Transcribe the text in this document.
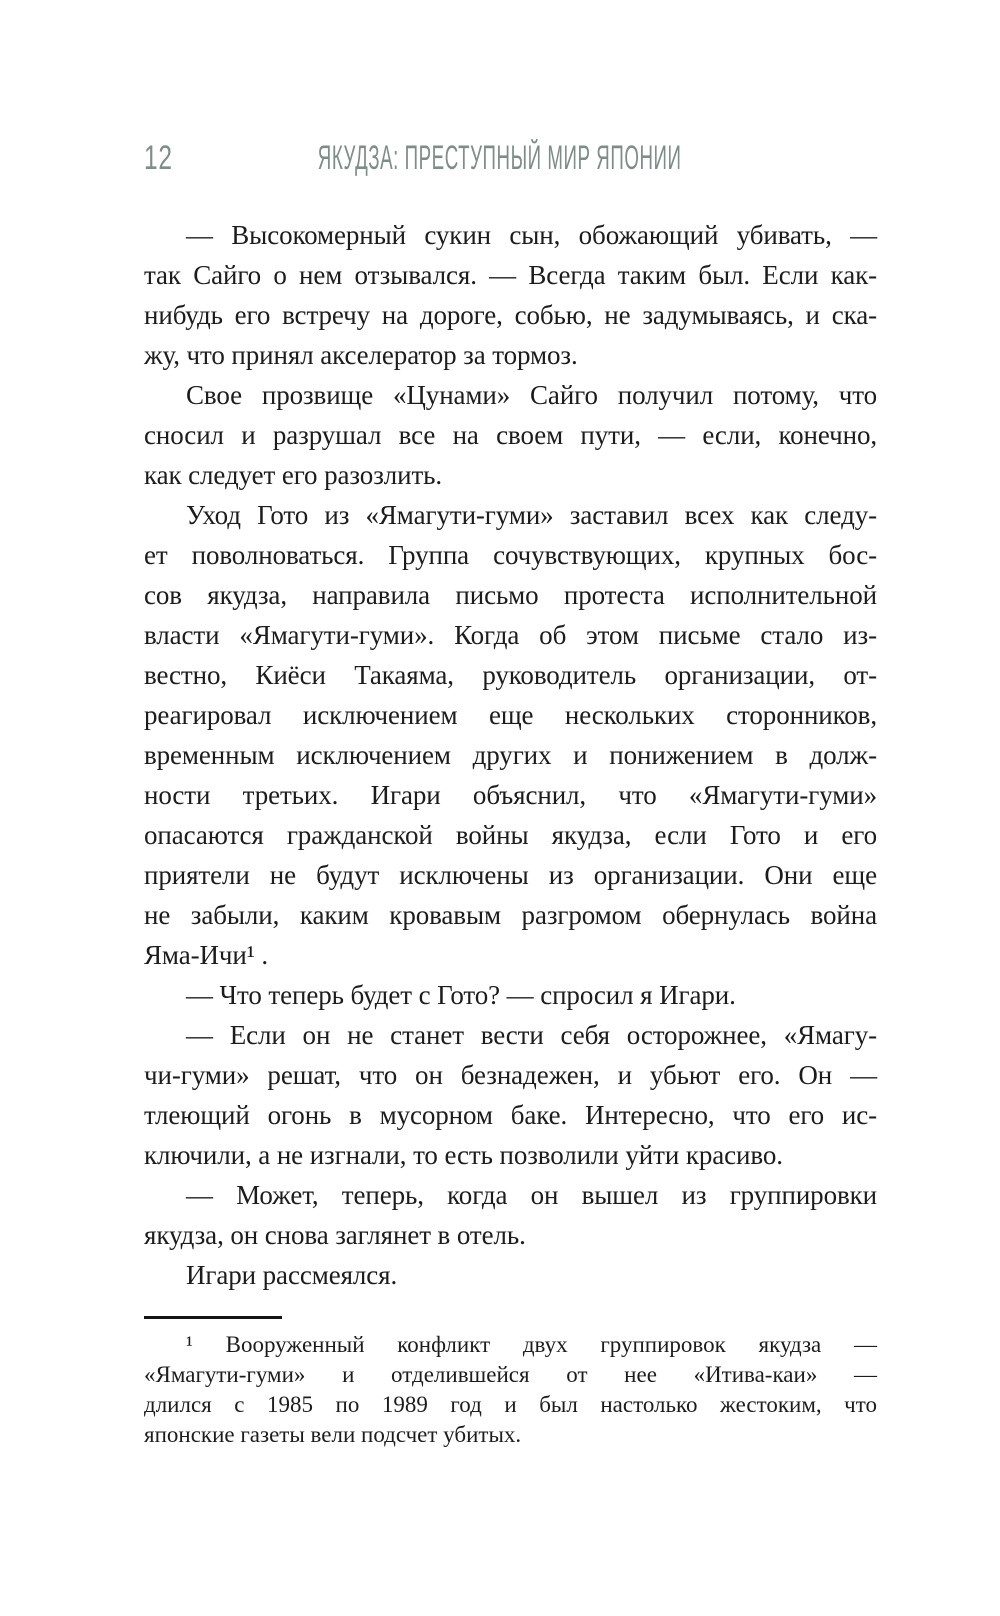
12	ЯКУДЗА: ПРЕСТУПНЫЙ МИР ЯПОНИИ
— Высокомерный сукин сын, обожающий убивать, —
так Сайго о нем отзывался. — Всегда таким был. Если как-
нибудь его встречу на дороге, собью, не задумываясь, и ска-
жу, что принял акселератор за тормоз.
Свое прозвище «Цунами» Сайго получил потому, что
сносил и разрушал все на своем пути, — если, конечно,
как следует его разозлить.
Уход Гото из «Ямагути-гуми» заставил всех как следу-
ет поволноваться. Группа сочувствующих, крупных бос-
сов якудза, направила письмо протеста исполнительной
власти «Ямагути-гуми». Когда об этом письме стало из-
вестно, Киёси Такаяма, руководитель организации, от-
реагировал исключением еще нескольких сторонников,
временным исключением других и понижением в долж-
ности третьих. Игари объяснил, что «Ямагути-гуми»
опасаются гражданской войны якудза, если Гото и его
приятели не будут исключены из организации. Они еще
не забыли, каким кровавым разгромом обернулась война
Яма-Ичи¹ .
— Что теперь будет с Гото? — спросил я Игари.
— Если он не станет вести себя осторожнее, «Ямагу-
чи-гуми» решат, что он безнадежен, и убьют его. Он —
тлеющий огонь в мусорном баке. Интересно, что его ис-
ключили, а не изгнали, то есть позволили уйти красиво.
— Может, теперь, когда он вышел из группировки
якудза, он снова заглянет в отель.
Игари рассмеялся.
¹ Вооруженный конфликт двух группировок якудза —
«Ямагути-гуми» и отделившейся от нее «Итива-каи» —
длился с 1985 по 1989 год и был настолько жестоким, что
японские газеты вели подсчет убитых.
